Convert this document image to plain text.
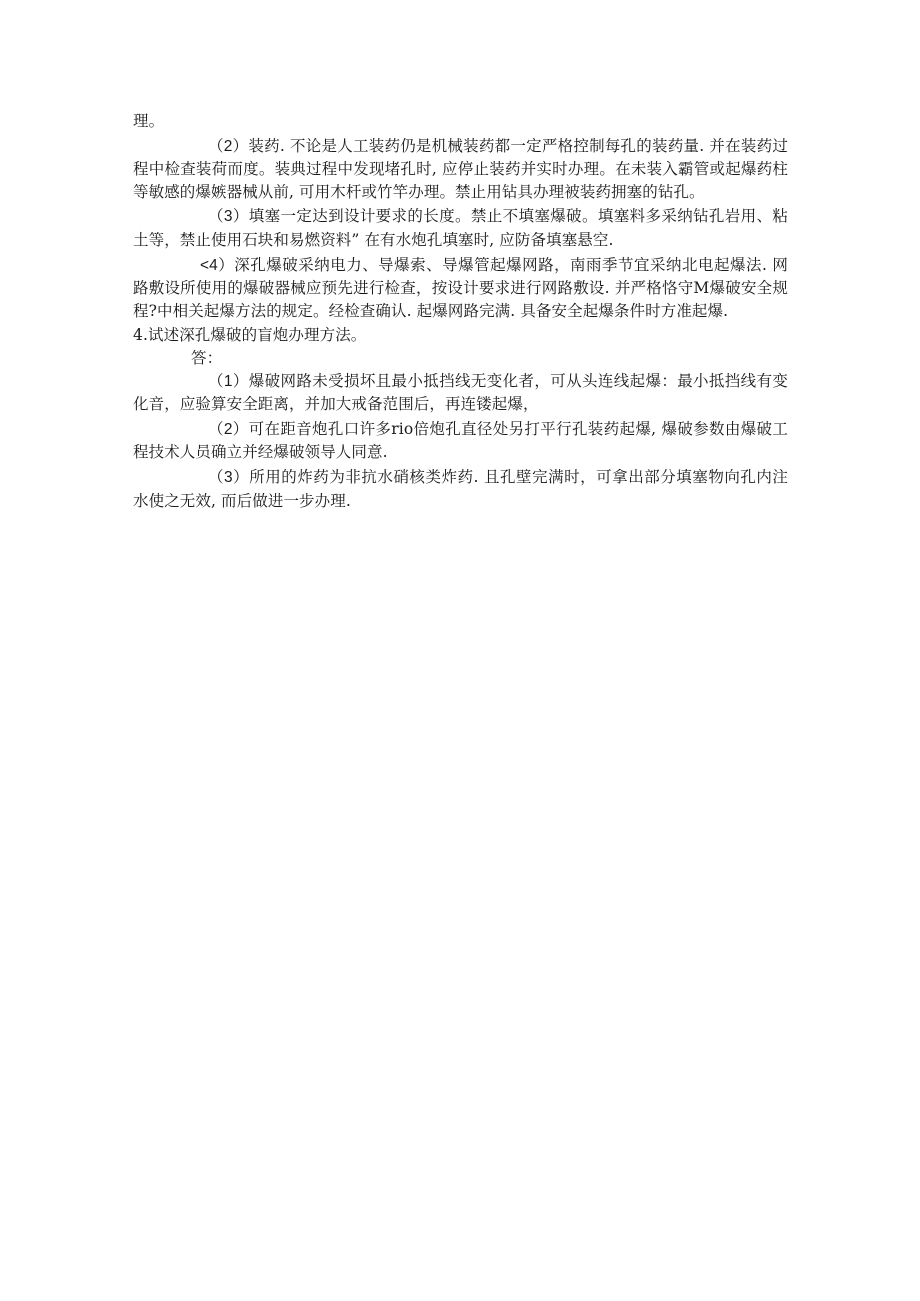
理。

（2）装药. 不论是人工装药仍是机械装药都一定严格控制每孔的装药量. 并在装药过程中检查装荷而度。装典过程中发现堵孔时, 应停止装药并实时办理。在未装入霸管或起爆药柱等敏感的爆嫉器械从前, 可用木杆或竹竿办理。禁止用钻具办理被装药拥塞的钻孔。

（3）填塞一定达到设计要求的长度。禁止不填塞爆破。填塞料多采纳钻孔岩用、粘土等，禁止使用石块和易燃资料” 在有水炮孔填塞时, 应防备填塞悬空.

<4）深孔爆破采纳电力、导爆索、导爆管起爆网路，南雨季节宜采纳北电起爆法. 网路敷设所使用的爆破器械应预先进行检查，按设计要求进行网路敷设. 并严格恪守M爆破安全规程?中相关起爆方法的规定。经检查确认. 起爆网路完满. 具备安全起爆条件时方准起爆.

4.试述深孔爆破的盲炮办理方法。

答：

（1）爆破网路未受损坏且最小抵挡线无变化者，可从头连线起爆：最小抵挡线有变化音，应验算安全距离，并加大戒备范围后，再连镂起爆，

（2）可在距音炮孔口许多rio倍炮孔直径处另打平行孔装药起爆, 爆破参数由爆破工程技术人员确立并经爆破领导人同意.

（3）所用的炸药为非抗水硝核类炸药. 且孔壁完满时，可拿出部分填塞物向孔内注水使之无效, 而后做进一步办理.
